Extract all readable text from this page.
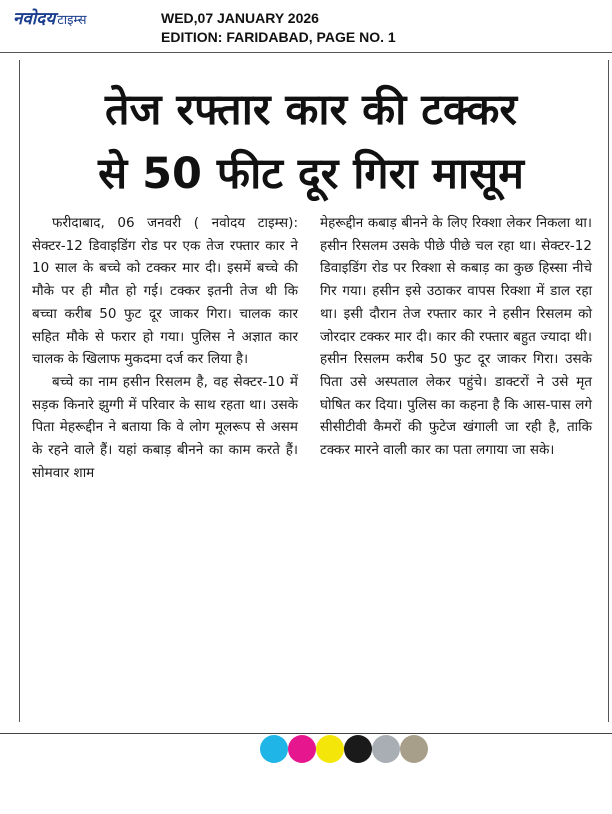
नवोदय टाइम्स	WED,07 JANUARY 2026
EDITION: FARIDABAD, PAGE NO. 1
तेज रफ्तार कार की टक्कर
से 50 फीट दूर गिरा मासूम

फरीदाबाद, 06 जनवरी ( नवोदय टाइम्स): सेक्टर-12 डिवाइडिंग रोड पर एक तेज रफ्तार कार ने 10 साल के बच्चे को टक्कर मार दी। इसमें बच्चे की मौके पर ही मौत हो गई। टक्कर इतनी तेज थी कि बच्चा करीब 50 फुट दूर जाकर गिरा। चालक कार सहित मौके से फरार हो गया। पुलिस ने अज्ञात कार चालक के खिलाफ मुकदमा दर्ज कर लिया है।

बच्चे का नाम हसीन रिसलम है, वह सेक्टर-10 में सड़क किनारे झुग्गी में परिवार के साथ रहता था। उसके पिता मेहरूद्दीन ने बताया कि वे लोग मूलरूप से असम के रहने वाले हैं। यहां कबाड़ बीनने का काम करते हैं। सोमवार शाम

मेहरूद्दीन कबाड़ बीनने के लिए रिक्शा लेकर निकला था। हसीन रिसलम उसके पीछे पीछे चल रहा था। सेक्टर-12 डिवाइडिंग रोड पर रिक्शा से कबाड़ का कुछ हिस्सा नीचे गिर गया। हसीन इसे उठाकर वापस रिक्शा में डाल रहा था। इसी दौरान तेज रफ्तार कार ने हसीन रिसलम को जोरदार टक्कर मार दी। कार की रफ्तार बहुत ज्यादा थी। हसीन रिसलम करीब 50 फुट दूर जाकर गिरा। उसके पिता उसे अस्पताल लेकर पहुंचे। डाक्टरों ने उसे मृत घोषित कर दिया। पुलिस का कहना है कि आस-पास लगे सीसीटीवी कैमरों की फुटेज खंगाली जा रही है, ताकि टक्कर मारने वाली कार का पता लगाया जा सके।
